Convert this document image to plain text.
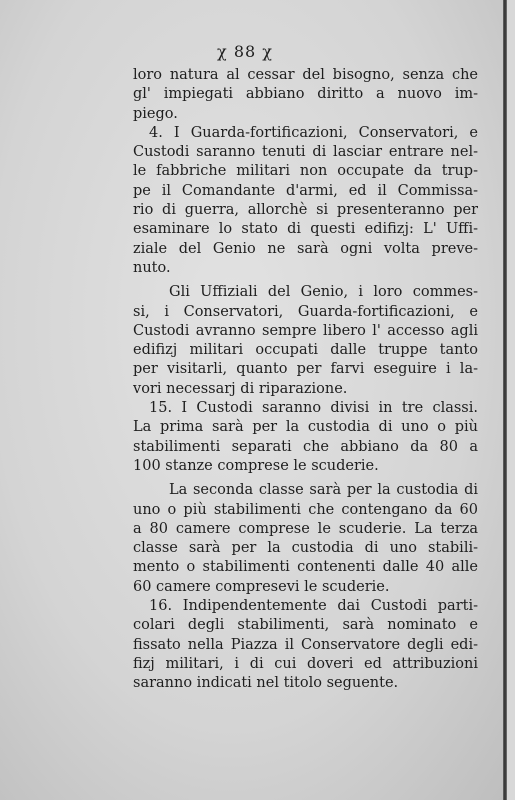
χ 88 χ
loro natura al cessar del bisogno, senza che
gl' impiegati abbiano diritto a nuovo im-
piego.
4. I Guarda-fortificazioni, Conservatori, e
Custodi saranno tenuti di lasciar entrare nel-
le fabbriche militari non occupate da trup-
pe il Comandante d'armi, ed il Commissa-
rio di guerra, allorchè si presenteranno per
esaminare lo stato di questi edifizj: L' Uffi-
ziale del Genio ne sarà ogni volta preve-
nuto.
Gli Uffiziali del Genio, i loro commes-
si, i Conservatori, Guarda-fortificazioni, e
Custodi avranno sempre libero l' accesso agli
edifizj militari occupati dalle truppe tanto
per visitarli, quanto per farvi eseguire i la-
vori necessarj di riparazione.
15. I Custodi saranno divisi in tre classi.
La prima sarà per la custodia di uno o più
stabilimenti separati che abbiano da 80 a
100 stanze comprese le scuderie.
La seconda classe sarà per la custodia di
uno o più stabilimenti che contengano da 60
a 80 camere comprese le scuderie. La terza
classe sarà per la custodia di uno stabili-
mento o stabilimenti contenenti dalle 40 alle
60 camere compresevi le scuderie.
16. Indipendentemente dai Custodi parti-
colari degli stabilimenti, sarà nominato e
fissato nella Piazza il Conservatore degli edi-
fizj militari, i di cui doveri ed attribuzioni
saranno indicati nel titolo seguente.
